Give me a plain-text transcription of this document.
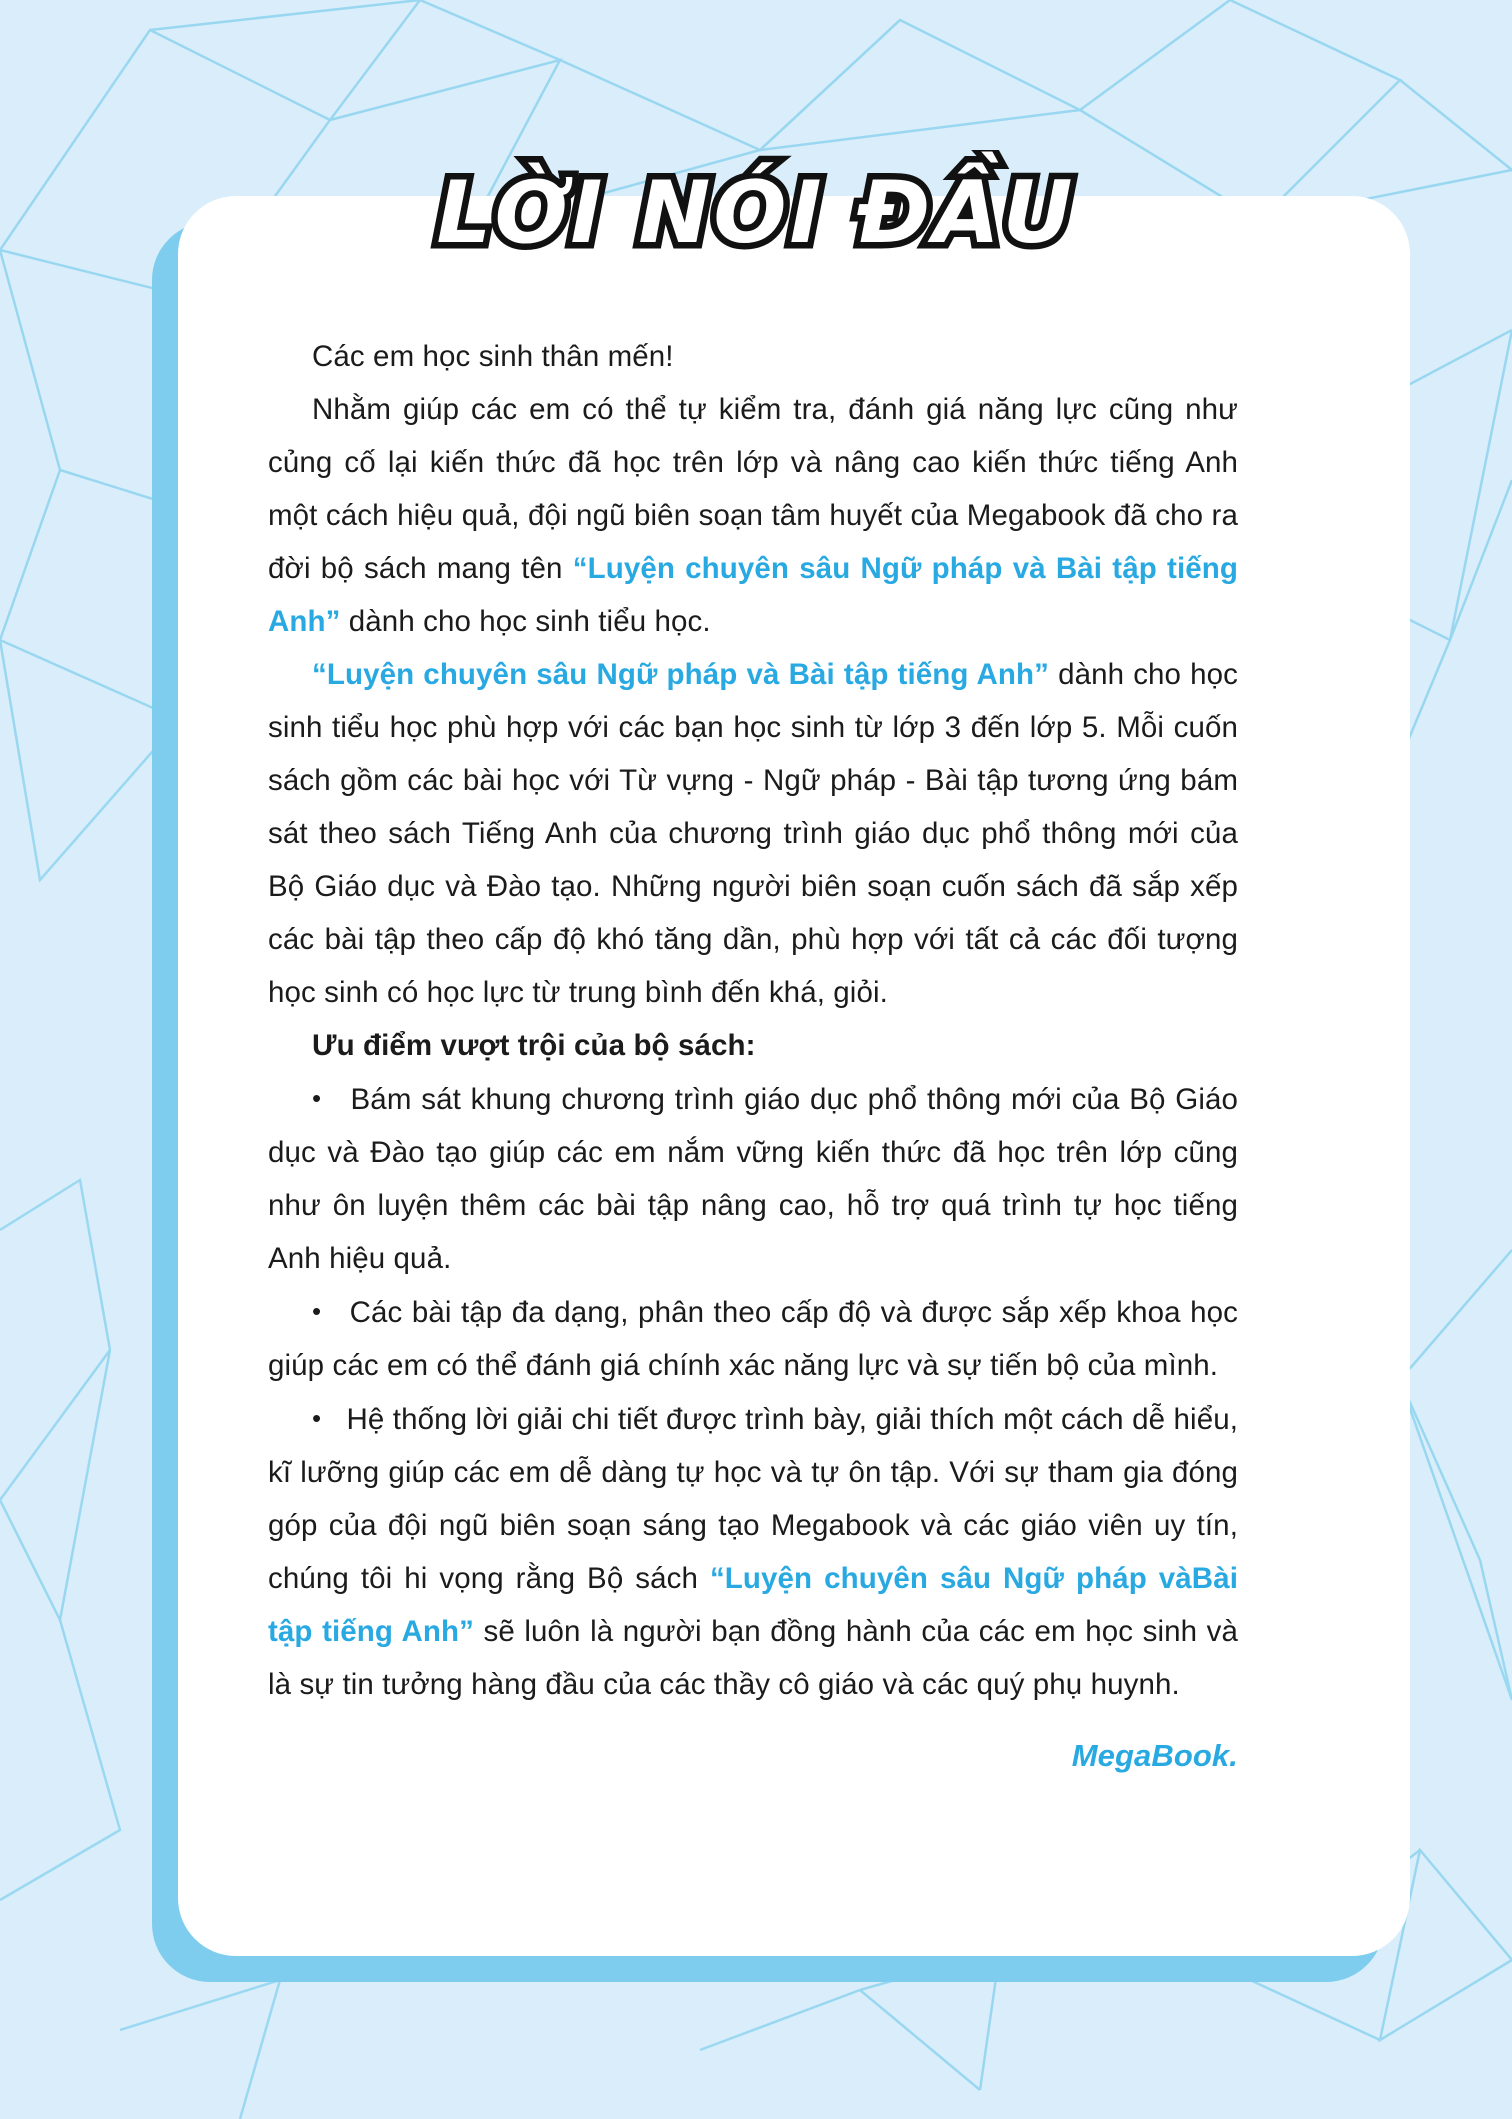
LỜI NÓI ĐẦU

Các em học sinh thân mến!

Nhằm giúp các em có thể tự kiểm tra, đánh giá năng lực cũng như củng cố lại kiến thức đã học trên lớp và nâng cao kiến thức tiếng Anh một cách hiệu quả, đội ngũ biên soạn tâm huyết của Megabook đã cho ra đời bộ sách mang tên “Luyện chuyên sâu Ngữ pháp và Bài tập tiếng Anh” dành cho học sinh tiểu học.

“Luyện chuyên sâu Ngữ pháp và Bài tập tiếng Anh” dành cho học sinh tiểu học phù hợp với các bạn học sinh từ lớp 3 đến lớp 5. Mỗi cuốn sách gồm các bài học với Từ vựng - Ngữ pháp - Bài tập tương ứng bám sát theo sách Tiếng Anh của chương trình giáo dục phổ thông mới của Bộ Giáo dục và Đào tạo. Những người biên soạn cuốn sách đã sắp xếp các bài tập theo cấp độ khó tăng dần, phù hợp với tất cả các đối tượng học sinh có học lực từ trung bình đến khá, giỏi.

Ưu điểm vượt trội của bộ sách:

• Bám sát khung chương trình giáo dục phổ thông mới của Bộ Giáo dục và Đào tạo giúp các em nắm vững kiến thức đã học trên lớp cũng như ôn luyện thêm các bài tập nâng cao, hỗ trợ quá trình tự học tiếng Anh hiệu quả.

• Các bài tập đa dạng, phân theo cấp độ và được sắp xếp khoa học giúp các em có thể đánh giá chính xác năng lực và sự tiến bộ của mình.

• Hệ thống lời giải chi tiết được trình bày, giải thích một cách dễ hiểu, kĩ lưỡng giúp các em dễ dàng tự học và tự ôn tập. Với sự tham gia đóng góp của đội ngũ biên soạn sáng tạo Megabook và các giáo viên uy tín, chúng tôi hi vọng rằng Bộ sách “Luyện chuyên sâu Ngữ pháp vàBài tập tiếng Anh” sẽ luôn là người bạn đồng hành của các em học sinh và là sự tin tưởng hàng đầu của các thầy cô giáo và các quý phụ huynh.

MegaBook.
